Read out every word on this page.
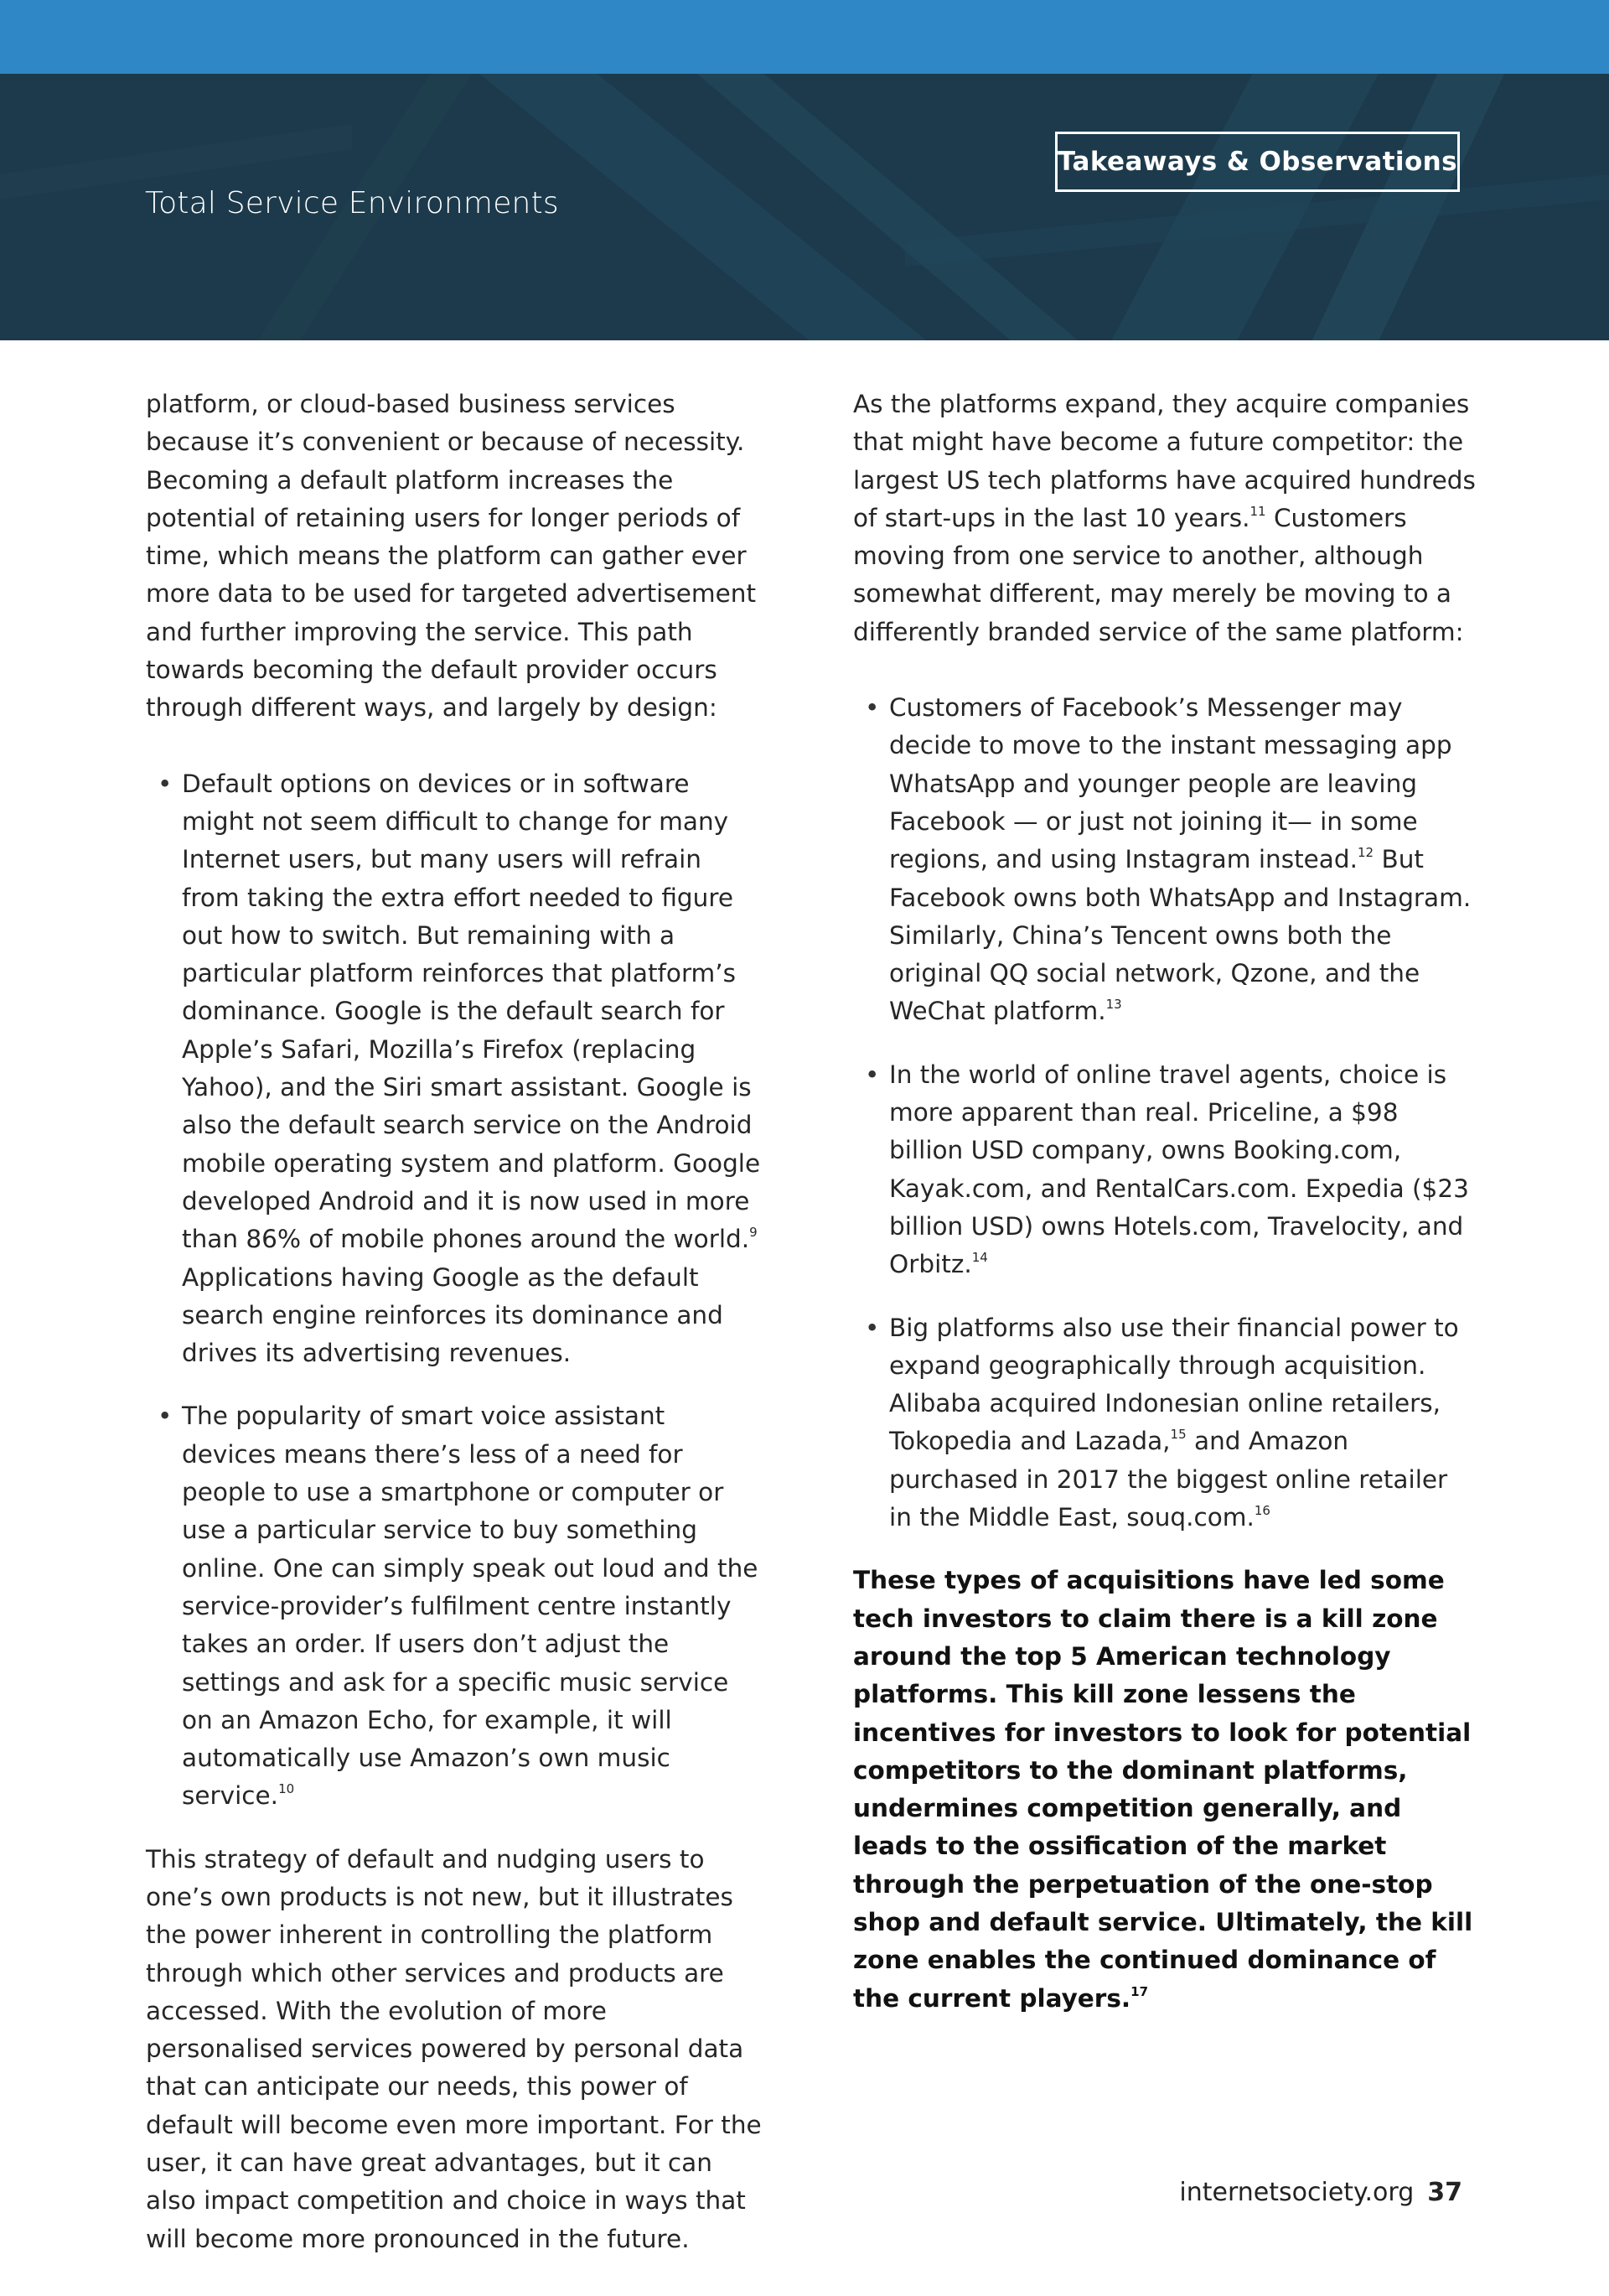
Total Service Environments
Takeaways & Observations

platform, or cloud-based business services because it’s convenient or because of necessity. Becoming a default platform increases the potential of retaining users for longer periods of time, which means the platform can gather ever more data to be used for targeted advertisement and further improving the service. This path towards becoming the default provider occurs through different ways, and largely by design:

• Default options on devices or in software might not seem difficult to change for many Internet users, but many users will refrain from taking the extra effort needed to figure out how to switch. But remaining with a particular platform reinforces that platform’s dominance. Google is the default search for Apple’s Safari, Mozilla’s Firefox (replacing Yahoo), and the Siri smart assistant. Google is also the default search service on the Android mobile operating system and platform. Google developed Android and it is now used in more than 86% of mobile phones around the world.$^9$ Applications having Google as the default search engine reinforces its dominance and drives its advertising revenues.
• The popularity of smart voice assistant devices means there’s less of a need for people to use a smartphone or computer or use a particular service to buy something online. One can simply speak out loud and the service-provider’s fulfilment centre instantly takes an order. If users don’t adjust the settings and ask for a specific music service on an Amazon Echo, for example, it will automatically use Amazon’s own music service.$^{10}$

This strategy of default and nudging users to one’s own products is not new, but it illustrates the power inherent in controlling the platform through which other services and products are accessed. With the evolution of more personalised services powered by personal data that can anticipate our needs, this power of default will become even more important. For the user, it can have great advantages, but it can also impact competition and choice in ways that will become more pronounced in the future.

As the platforms expand, they acquire companies that might have become a future competitor: the largest US tech platforms have acquired hundreds of start-ups in the last 10 years.$^{11}$ Customers moving from one service to another, although somewhat different, may merely be moving to a differently branded service of the same platform:

• Customers of Facebook’s Messenger may decide to move to the instant messaging app WhatsApp and younger people are leaving Facebook — or just not joining it— in some regions, and using Instagram instead.$^{12}$ But Facebook owns both WhatsApp and Instagram. Similarly, China’s Tencent owns both the original QQ social network, Qzone, and the WeChat platform.$^{13}$
• In the world of online travel agents, choice is more apparent than real. Priceline, a $98 billion USD company, owns Booking.com, Kayak.com, and RentalCars.com. Expedia ($23 billion USD) owns Hotels.com, Travelocity, and Orbitz.$^{14}$
• Big platforms also use their financial power to expand geographically through acquisition. Alibaba acquired Indonesian online retailers, Tokopedia and Lazada,$^{15}$ and Amazon purchased in 2017 the biggest online retailer in the Middle East, souq.com.$^{16}$

These types of acquisitions have led some tech investors to claim there is a kill zone around the top 5 American technology platforms. This kill zone lessens the incentives for investors to look for potential competitors to the dominant platforms, undermines competition generally, and leads to the ossification of the market through the perpetuation of the one-stop shop and default service. Ultimately, the kill zone enables the continued dominance of the current players.$^{17}$

internetsociety.org 37
